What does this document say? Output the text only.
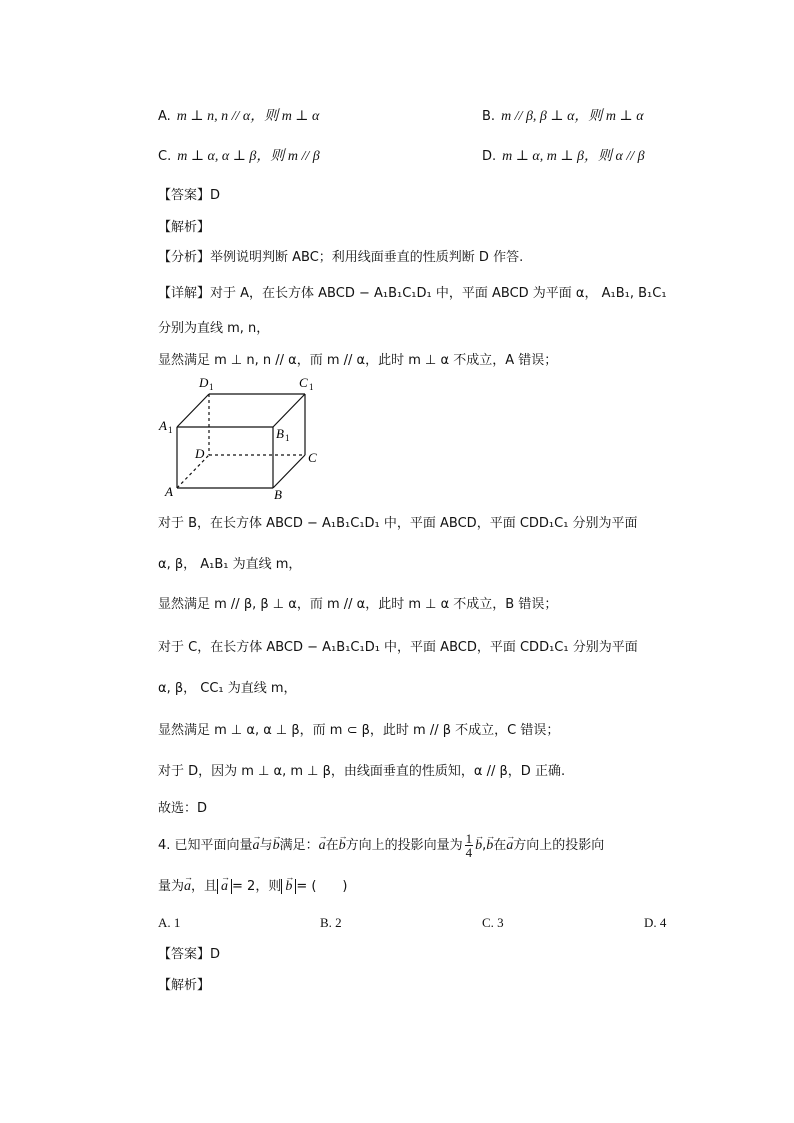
A. m ⊥ n, n // α，则 m ⊥ α	B. m // β, β ⊥ α，则 m ⊥ α
C. m ⊥ α, α ⊥ β，则 m // β	D. m ⊥ α, m ⊥ β，则 α // β
【答案】D
【解析】
【分析】举例说明判断 ABC；利用线面垂直的性质判断 D 作答.
【详解】对于 A，在长方体 ABCD − A₁B₁C₁D₁ 中，平面 ABCD 为平面 α， A₁B₁, B₁C₁
分别为直线 m, n，
显然满足 m ⊥ n, n // α，而 m // α，此时 m ⊥ α 不成立，A 错误；
D 1	C 1
A 1	B 1
D	C
A	B
对于 B，在长方体 ABCD − A₁B₁C₁D₁ 中，平面 ABCD，平面 CDD₁C₁ 分别为平面
α, β， A₁B₁ 为直线 m，
显然满足 m // β, β ⊥ α，而 m // α，此时 m ⊥ α 不成立，B 错误；
对于 C，在长方体 ABCD − A₁B₁C₁D₁ 中，平面 ABCD，平面 CDD₁C₁ 分别为平面
α, β， CC₁ 为直线 m，
显然满足 m ⊥ α, α ⊥ β，而 m ⊂ β，此时 m // β 不成立，C 错误；
对于 D，因为 m ⊥ α, m ⊥ β，由线面垂直的性质知，α // β，D 正确.
故选：D
4. 已知平面向量→ a与→ b满足：→ a在→ b方向上的投影向量为 $\frac{1}{4}$
→ b,→ b在→ a方向上的投影向
量为→ a，且→ a = 2，则→ b = (　　)
A. 1	B. 2	C. 3	D. 4
【答案】D
【解析】
